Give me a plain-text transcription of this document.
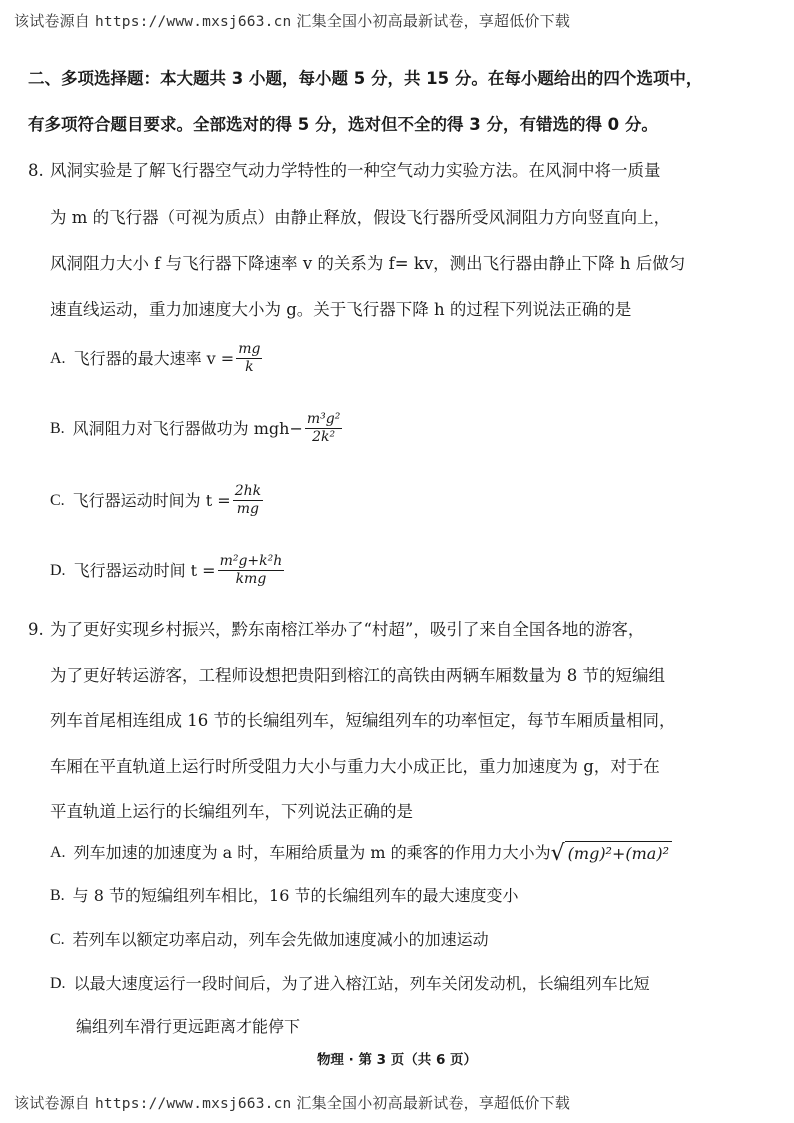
该试卷源自 https://www.mxsj663.cn 汇集全国小初高最新试卷，享超低价下载
二、多项选择题：本大题共 3 小题，每小题 5 分，共 15 分。在每小题给出的四个选项中，
有多项符合题目要求。全部选对的得 5 分，选对但不全的得 3 分，有错选的得 0 分。
8. 风洞实验是了解飞行器空气动力学特性的一种空气动力实验方法。在风洞中将一质量
为 m 的飞行器（可视为质点）由静止释放，假设飞行器所受风洞阻力方向竖直向上，
风洞阻力大小 f 与飞行器下降速率 v 的关系为 f= kv，测出飞行器由静止下降 h 后做匀
速直线运动，重力加速度大小为 g。关于飞行器下降 h 的过程下列说法正确的是
A. 飞行器的最大速率 $v = \frac{mg}{k}$
B. 风洞阻力对飞行器做功为 $mgh- \frac{\text{m³g²}}{\text{2k²}}$
C. 飞行器运动时间为 $t = \frac{2hk}{mg}$
D. 飞行器运动时间 $t = \frac{\text{m²g+k²h}}{\text{kmg}}$
9. 为了更好实现乡村振兴，黔东南榕江举办了“村超”，吸引了来自全国各地的游客，
为了更好转运游客，工程师设想把贵阳到榕江的高铁由两辆车厢数量为 8 节的短编组
列车首尾相连组成 16 节的长编组列车，短编组列车的功率恒定，每节车厢质量相同，
车厢在平直轨道上运行时所受阻力大小与重力大小成正比，重力加速度为 g，对于在
平直轨道上运行的长编组列车，下列说法正确的是
A. 列车加速的加速度为 a 时，车厢给质量为 m 的乘客的作用力大小为 √ (mg)²+(ma)²
B. 与 8 节的短编组列车相比，16 节的长编组列车的最大速度变小
C. 若列车以额定功率启动，列车会先做加速度减小的加速运动
D. 以最大速度运行一段时间后，为了进入榕江站，列车关闭发动机，长编组列车比短
编组列车滑行更远距离才能停下
物理 · 第 3 页（共 6 页）
该试卷源自 https://www.mxsj663.cn 汇集全国小初高最新试卷，享超低价下载
